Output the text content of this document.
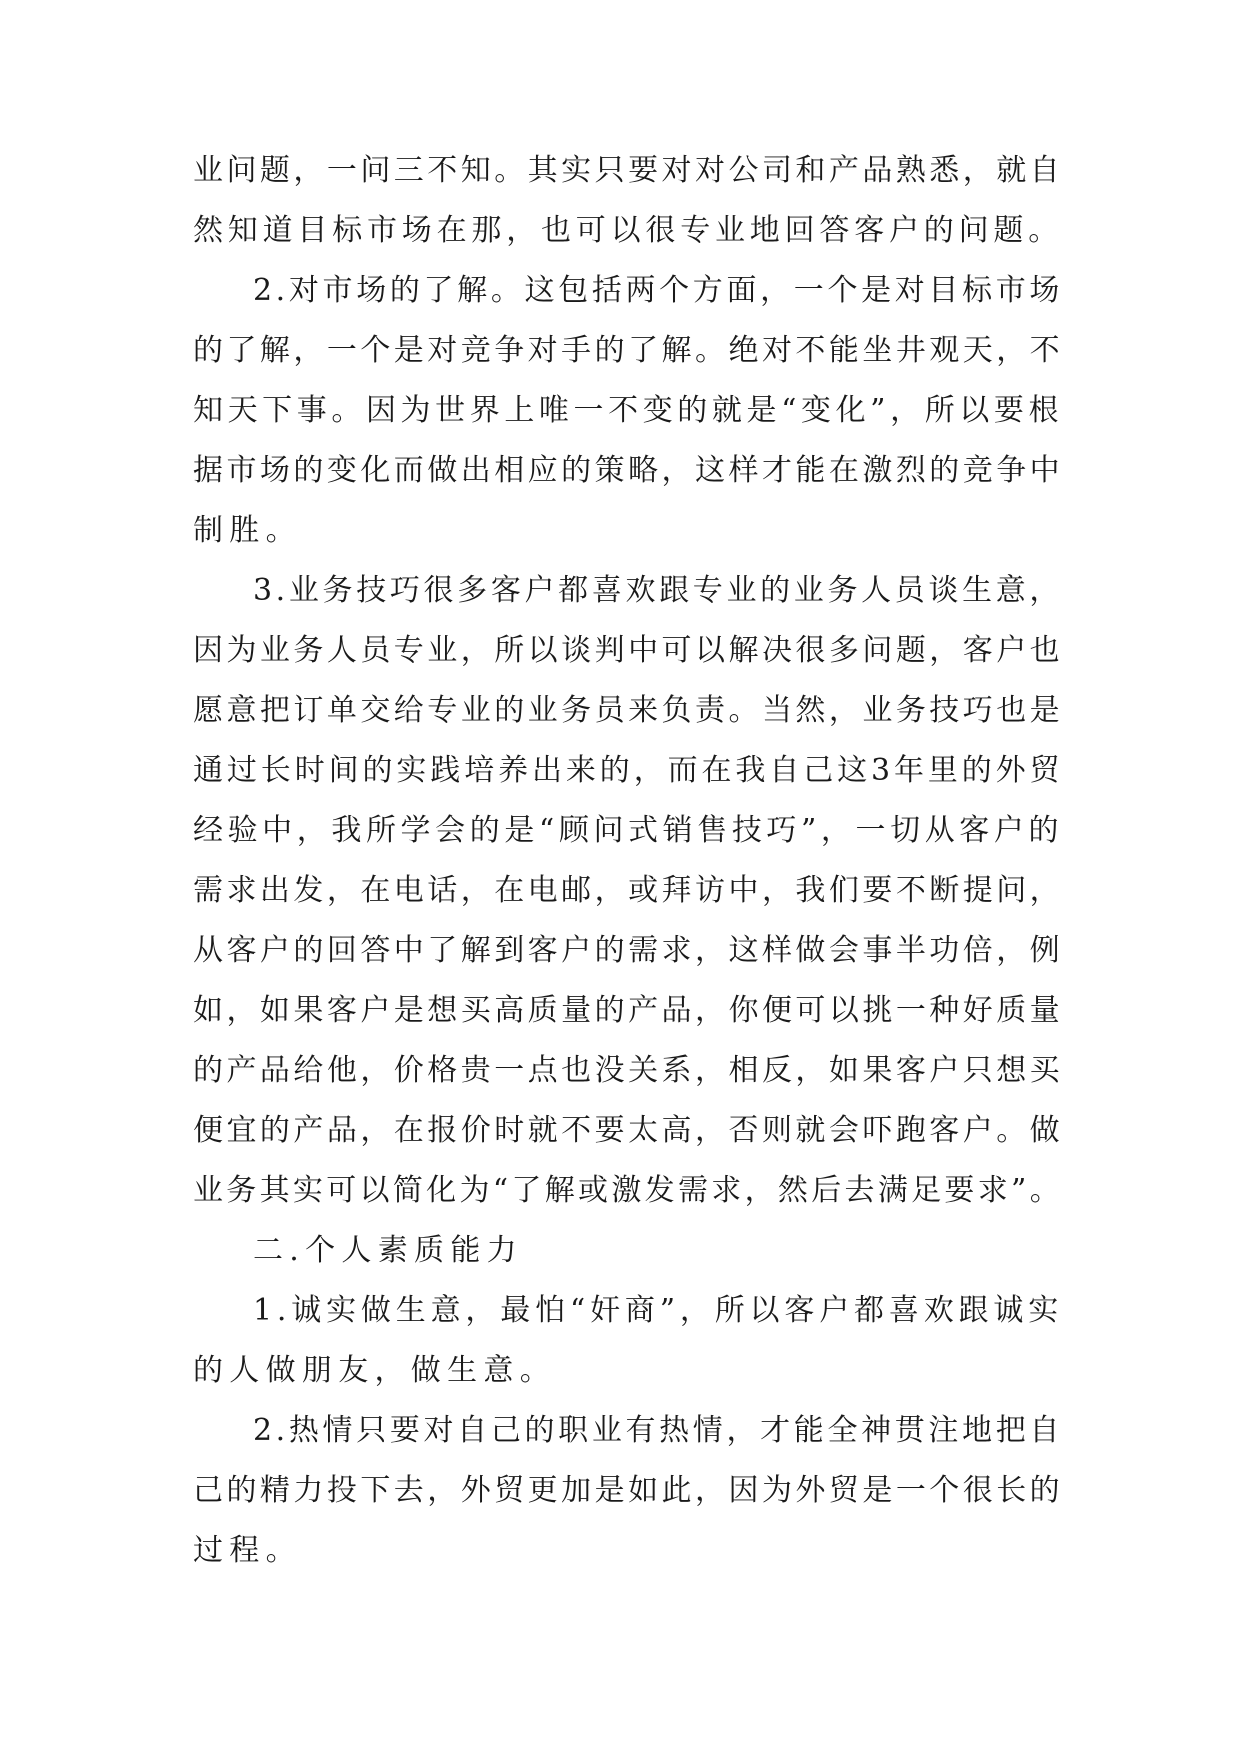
业问题，一问三不知。其实只要对对公司和产品熟悉，就自
然知道目标市场在那，也可以很专业地回答客户的问题。
2.对市场的了解。这包括两个方面，一个是对目标市场
的了解，一个是对竞争对手的了解。绝对不能坐井观天，不
知天下事。因为世界上唯一不变的就是“变化”，所以要根
据市场的变化而做出相应的策略，这样才能在激烈的竞争中
制胜。
3.业务技巧很多客户都喜欢跟专业的业务人员谈生意，
因为业务人员专业，所以谈判中可以解决很多问题，客户也
愿意把订单交给专业的业务员来负责。当然，业务技巧也是
通过长时间的实践培养出来的，而在我自己这3年里的外贸
经验中，我所学会的是“顾问式销售技巧”，一切从客户的
需求出发，在电话，在电邮，或拜访中，我们要不断提问，
从客户的回答中了解到客户的需求，这样做会事半功倍，例
如，如果客户是想买高质量的产品，你便可以挑一种好质量
的产品给他，价格贵一点也没关系，相反，如果客户只想买
便宜的产品，在报价时就不要太高，否则就会吓跑客户。做
业务其实可以简化为“了解或激发需求，然后去满足要求”。
二.个人素质能力
1.诚实做生意，最怕“奸商”，所以客户都喜欢跟诚实
的人做朋友，做生意。
2.热情只要对自己的职业有热情，才能全神贯注地把自
己的精力投下去，外贸更加是如此，因为外贸是一个很长的
过程。
